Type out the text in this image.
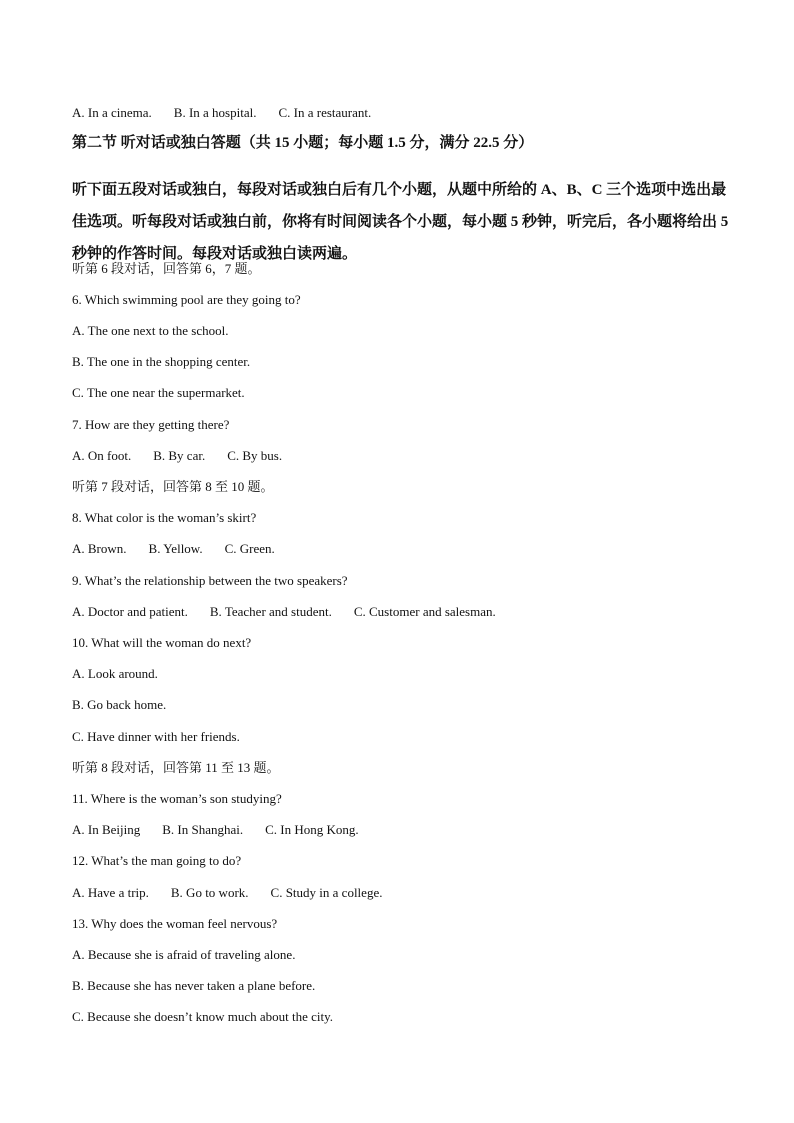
A. In a cinema. B. In a hospital. C. In a restaurant.

第二节 听对话或独白答题（共 15 小题；每小题 1.5 分，满分 22.5 分）

听下面五段对话或独白，每段对话或独白后有几个小题，从题中所给的 A、B、C 三个选项中选出最佳选项。听每段对话或独白前，你将有时间阅读各个小题，每小题 5 秒钟，听完后，各小题将给出 5 秒钟的作答时间。每段对话或独白读两遍。

听第 6 段对话，回答第 6，7 题。

6. Which swimming pool are they going to?

A. The one next to the school.

B. The one in the shopping center.

C. The one near the supermarket.

7. How are they getting there?

A. On foot. B. By car. C. By bus.

听第 7 段对话，回答第 8 至 10 题。

8. What color is the woman’s skirt?

A. Brown. B. Yellow. C. Green.

9. What’s the relationship between the two speakers?

A. Doctor and patient. B. Teacher and student. C. Customer and salesman.

10. What will the woman do next?

A. Look around.

B. Go back home.

C. Have dinner with her friends.

听第 8 段对话，回答第 11 至 13 题。

11. Where is the woman’s son studying?

A. In Beijing B. In Shanghai. C. In Hong Kong.

12. What’s the man going to do?

A. Have a trip. B. Go to work. C. Study in a college.

13. Why does the woman feel nervous?

A. Because she is afraid of traveling alone.

B. Because she has never taken a plane before.

C. Because she doesn’t know much about the city.
